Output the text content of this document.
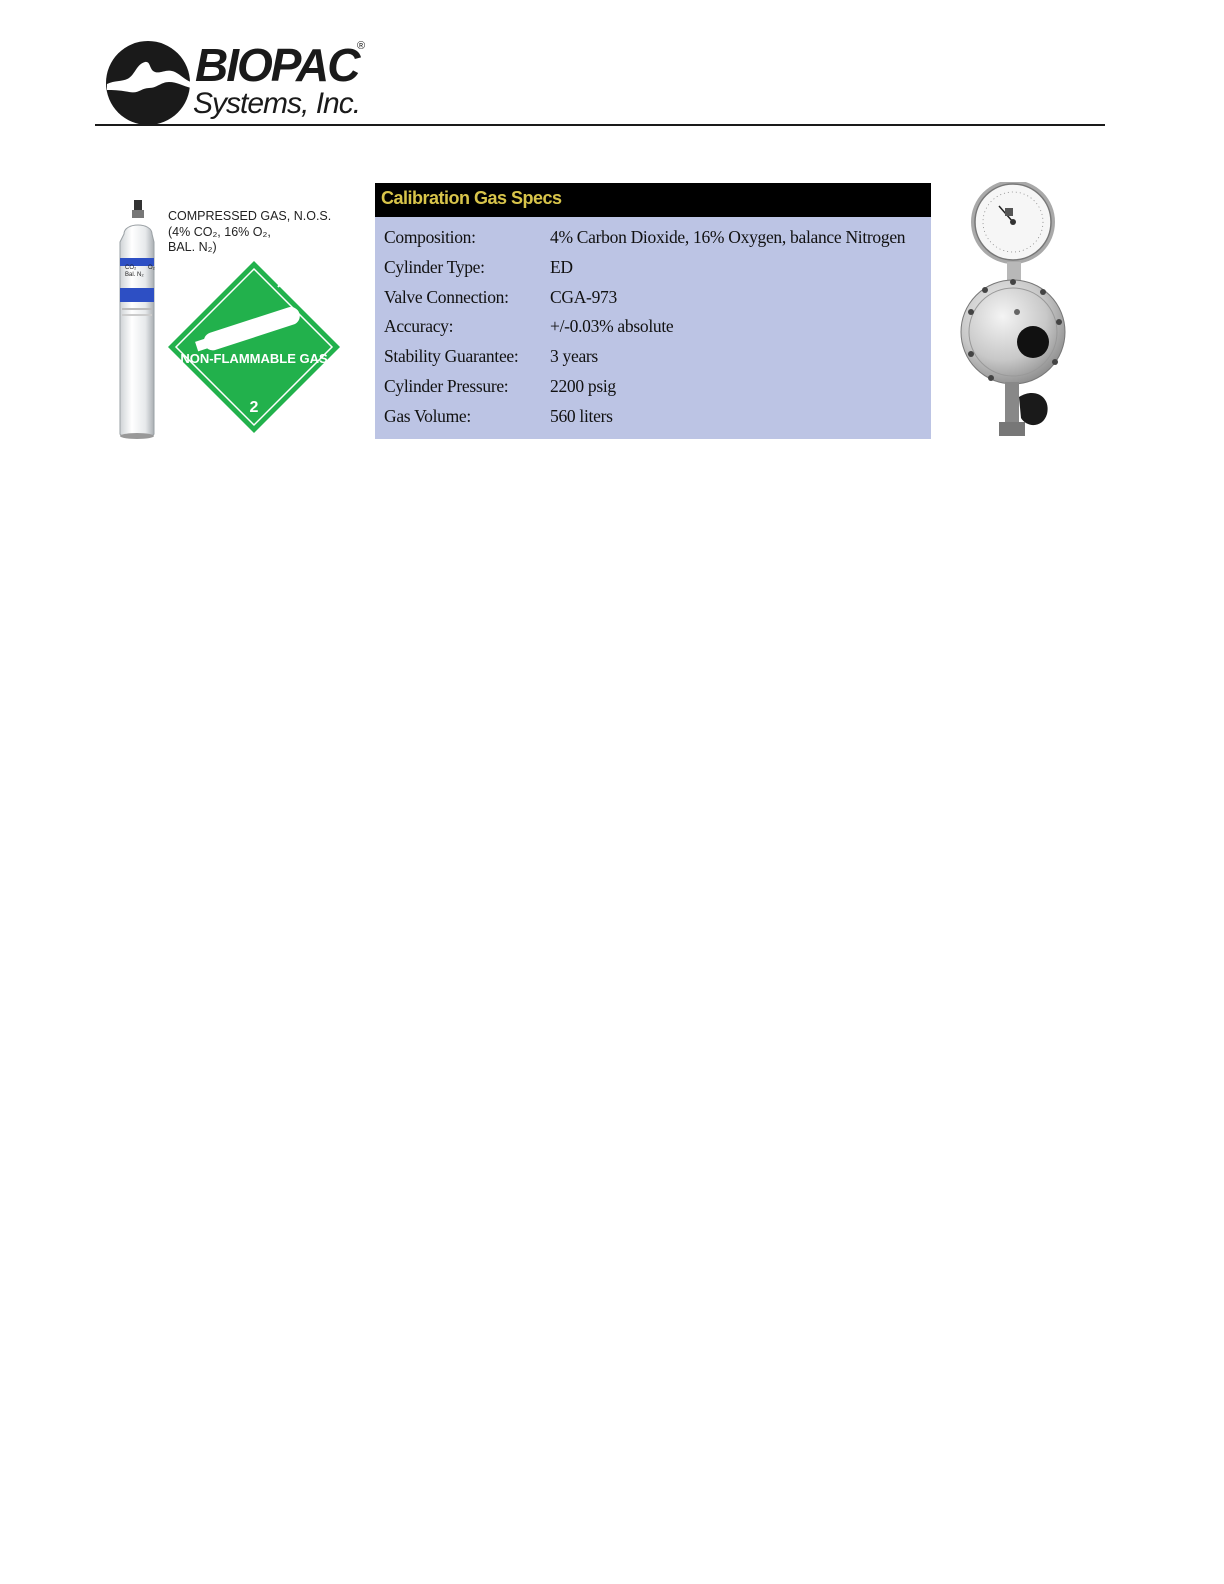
BIOPAC
®
Systems, Inc.
CO₂ O₂
Bal. N₂
COMPRESSED GAS, N.O.S.
(4% CO₂, 16% O₂,
BAL. N₂)
NON-FLAMMABLE GAS
2
Calibration Gas Specs
Composition:	4% Carbon Dioxide, 16% Oxygen, balance Nitrogen
Cylinder Type:	ED
Valve Connection: CGA-973
Accuracy:	+/-0.03% absolute
Stability Guarantee: 3 years
Cylinder Pressure: 2200 psig
Gas Volume:	560 liters
